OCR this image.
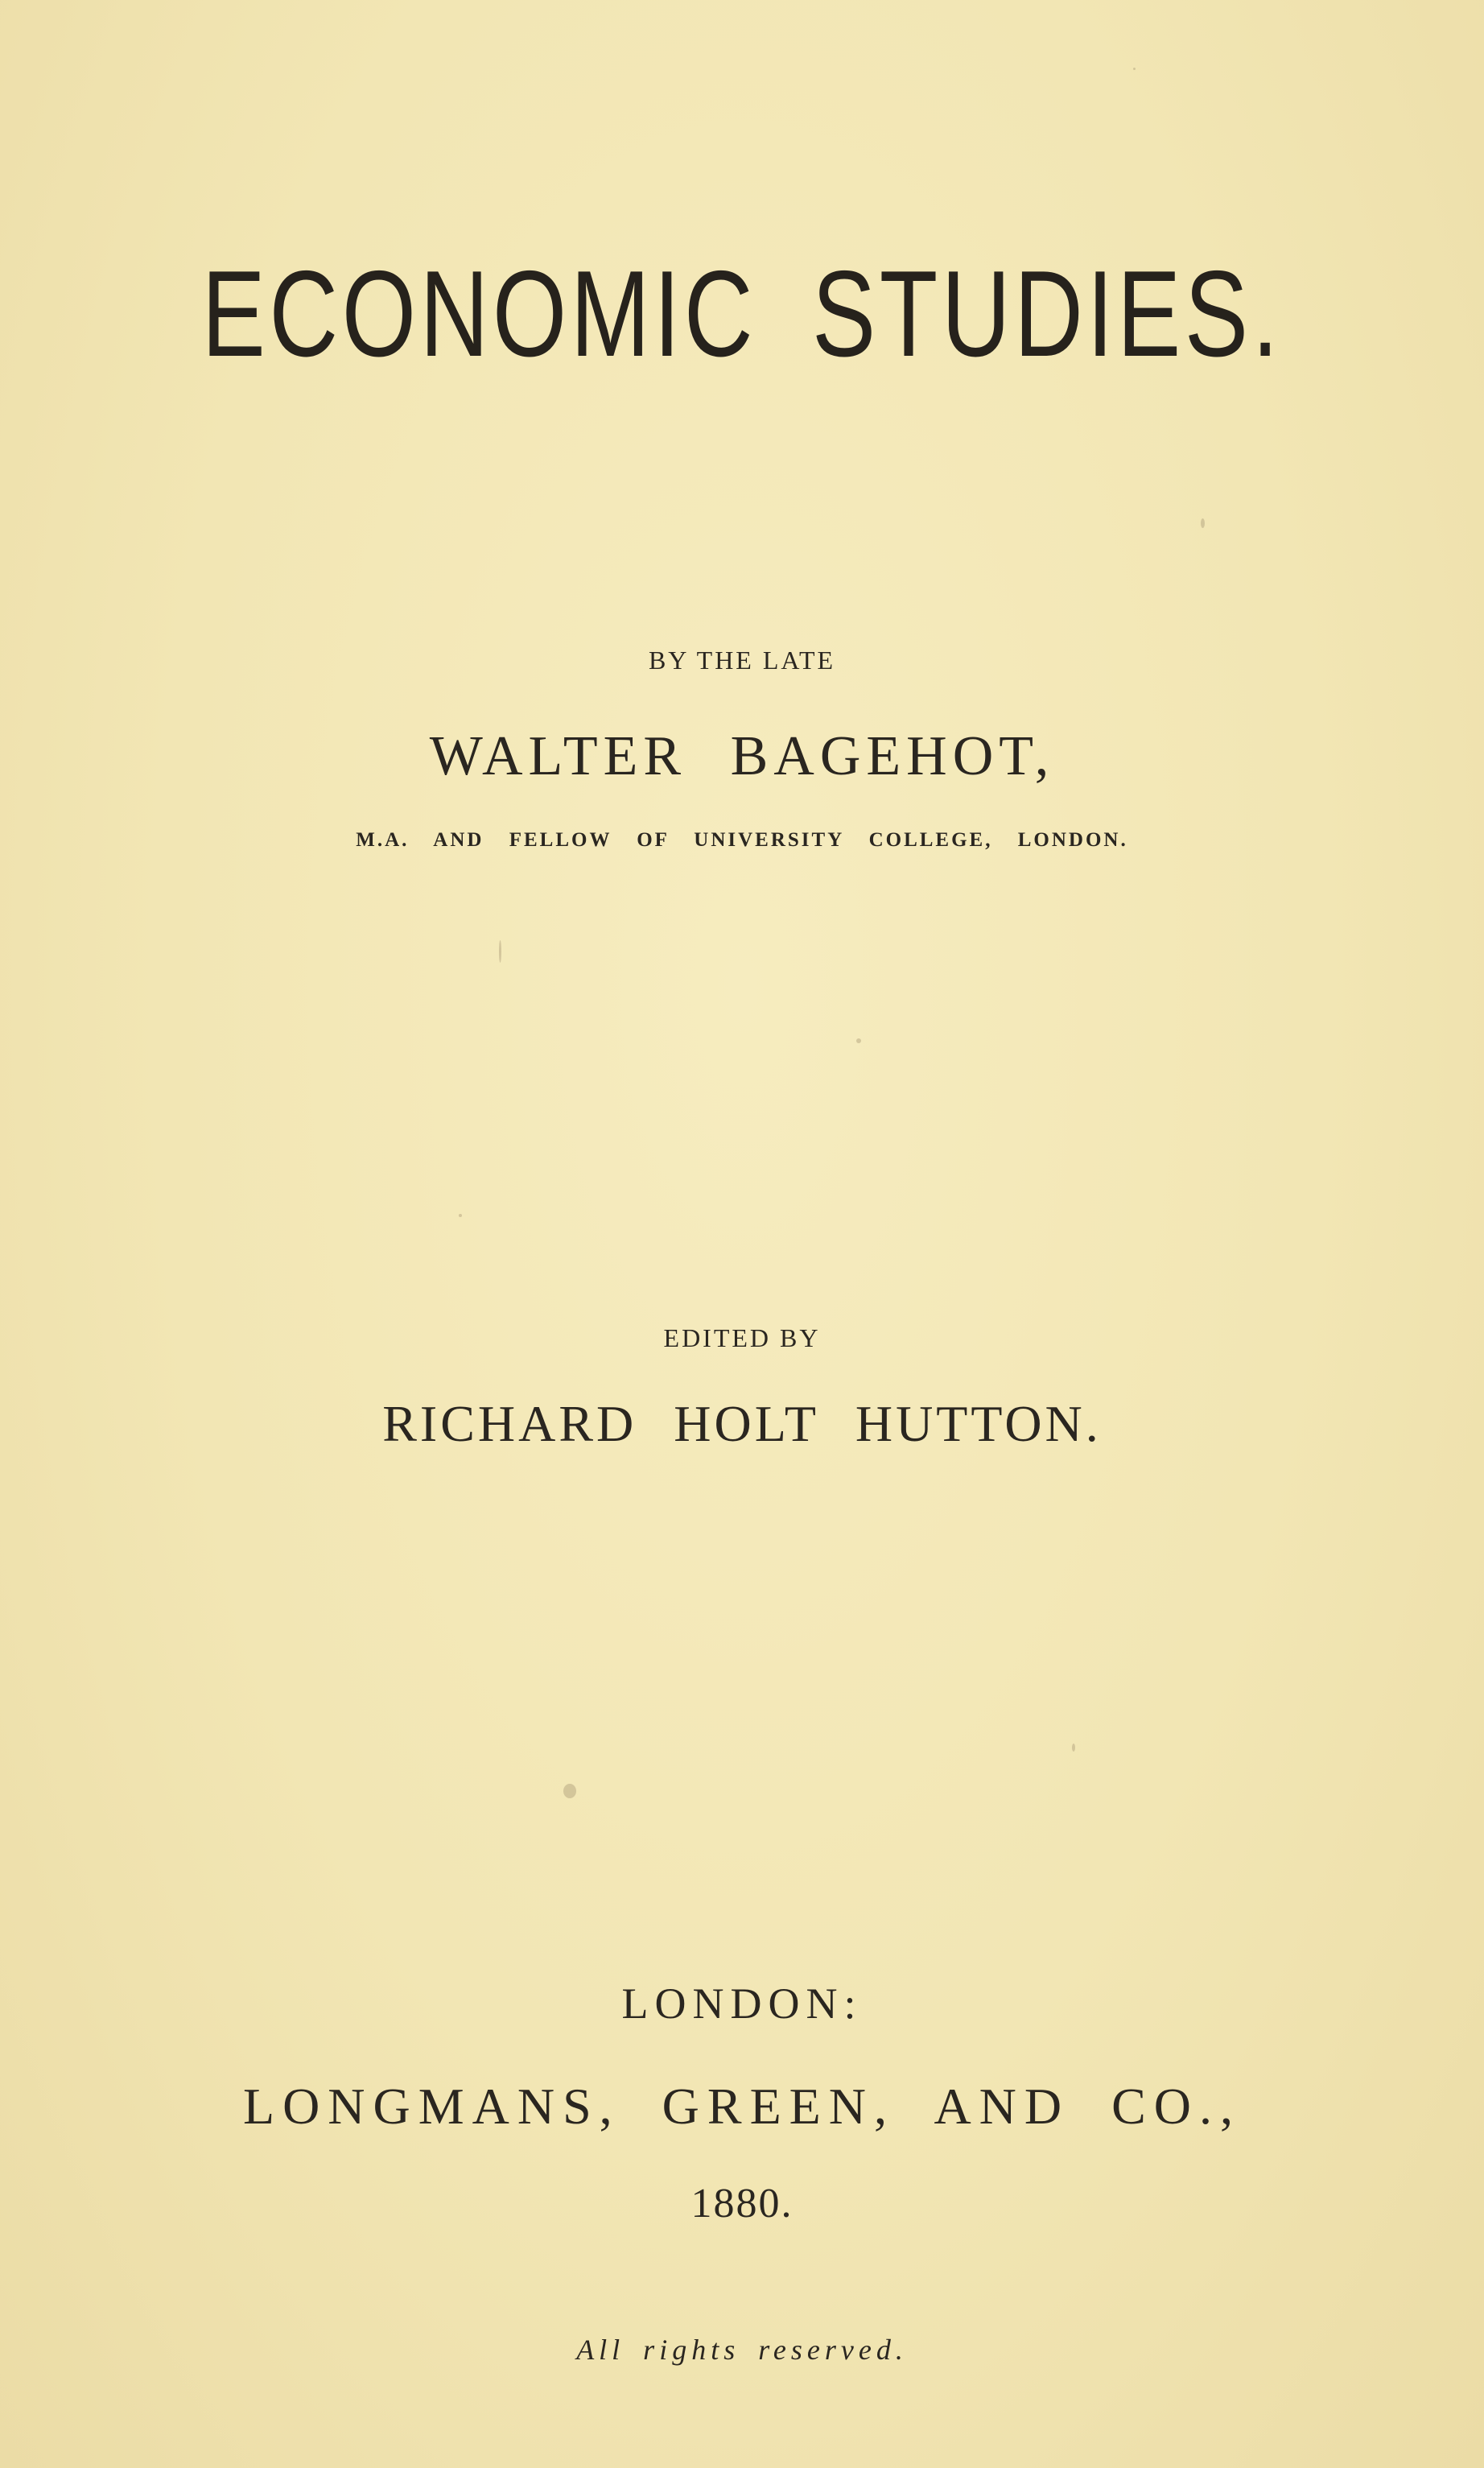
ECONOMIC STUDIES.
BY THE LATE
WALTER BAGEHOT,
M.A. AND FELLOW OF UNIVERSITY COLLEGE, LONDON.
EDITED BY
RICHARD HOLT HUTTON.
LONDON:
LONGMANS, GREEN, AND CO.,
1880.
All rights reserved.
